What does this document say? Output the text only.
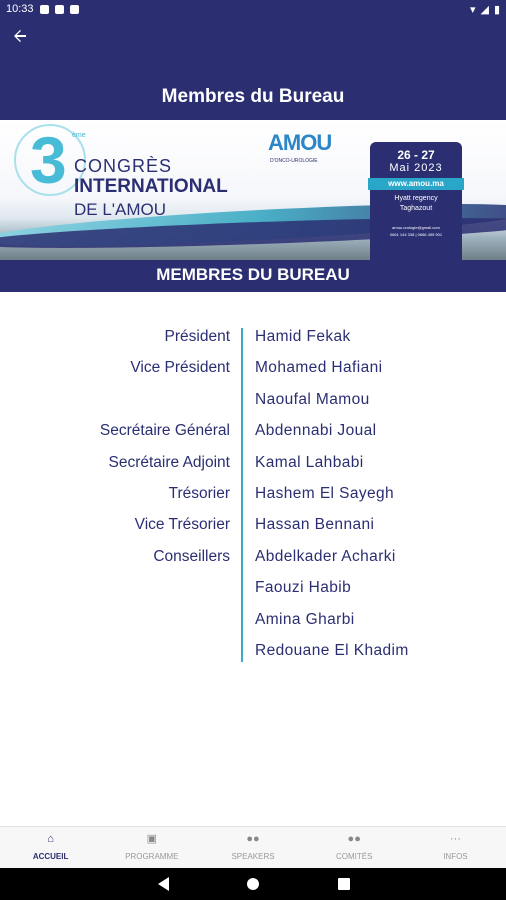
10:33	▾ ◢ ▮
Membres du Bureau
3 ème
CONGRÈS
INTERNATIONAL
DE L'AMOU
AMOU
D'ONCO-UROLOGIE	26 - 27
Mai 2023
www.amou.ma
Hyatt regency
Taghazout
amou.urologie@gmail.com
0661 144 338 | 0666 455 901
MEMBRES DU BUREAU
Président Hamid Fekak
Vice Président Mohamed Hafiani
Naoufal Mamou
Secrétaire Général Abdennabi Joual
Secrétaire Adjoint Kamal Lahbabi
Trésorier Hashem El Sayegh
Vice Trésorier Hassan Bennani
Conseillers Abdelkader Acharki
Faouzi Habib
Amina Gharbi
Redouane El Khadim
⌂
ACCUEIL
▣
PROGRAMME
●●
SPEAKERS
●●
COMITÉS
···
INFOS
